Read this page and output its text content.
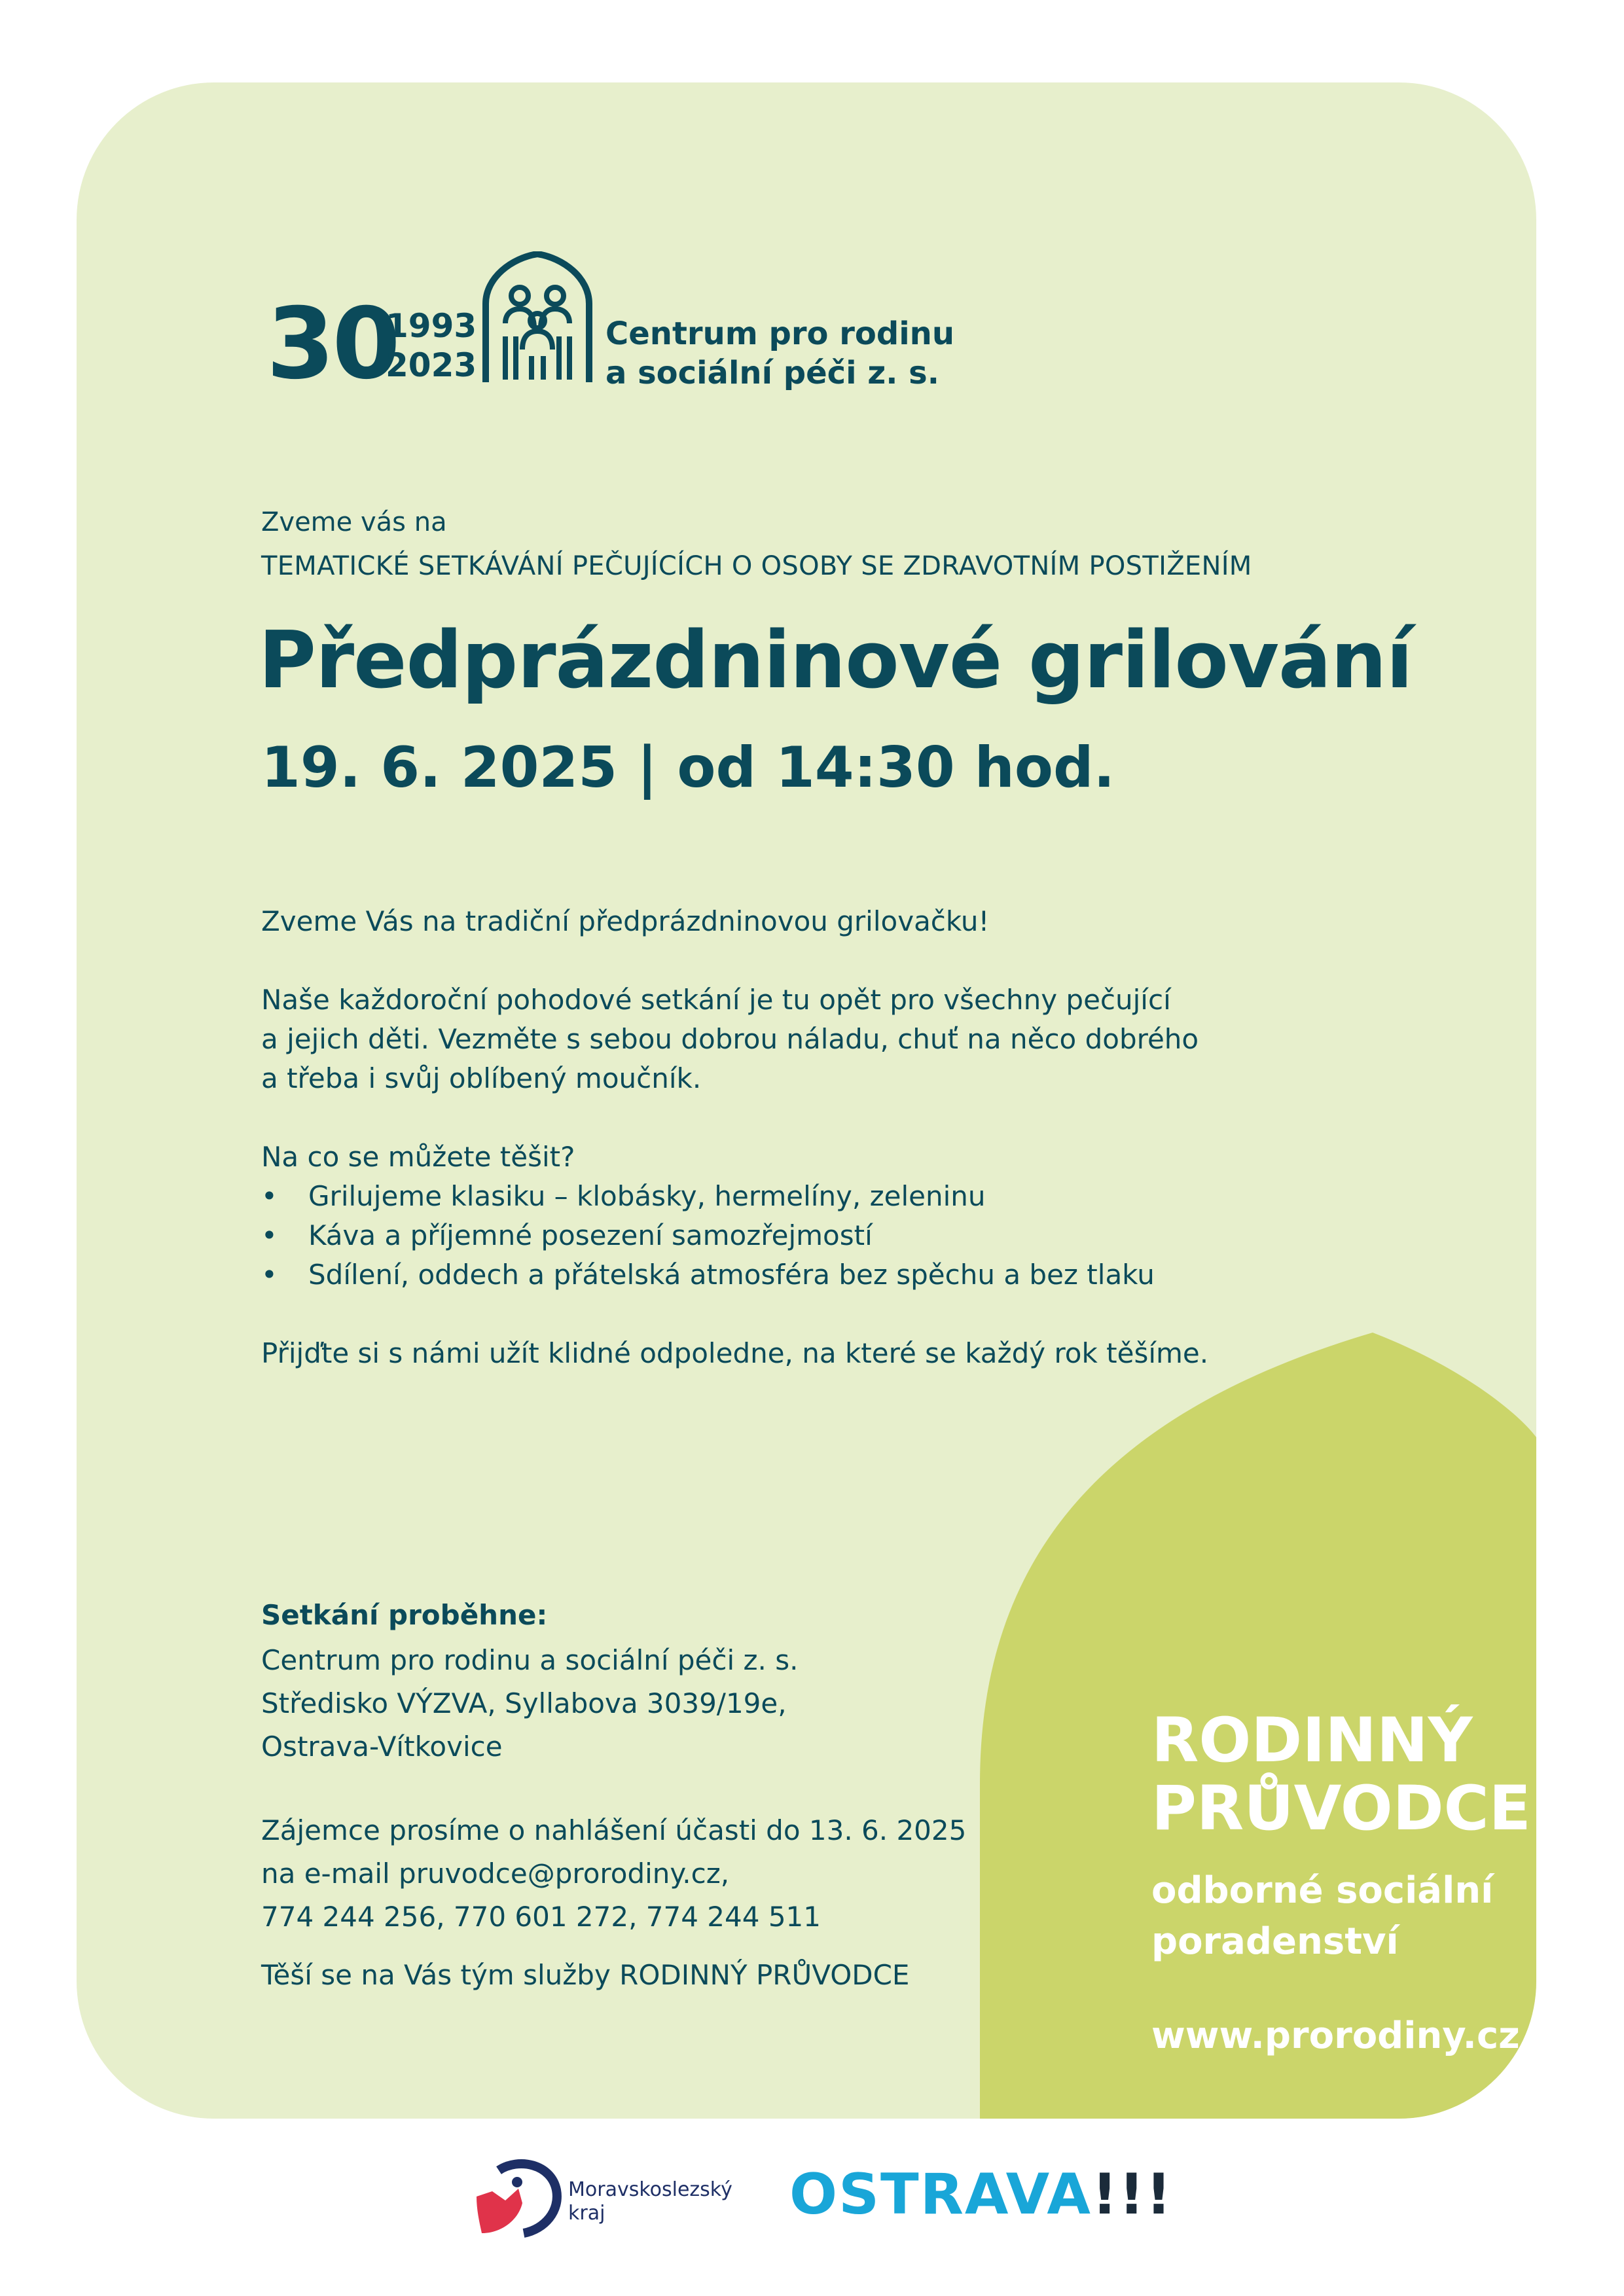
30
1993
2023
Centrum pro rodinu
a sociální péči z. s.
Zveme vás na
TEMATICKÉ SETKÁVÁNÍ PEČUJÍCÍCH O OSOBY SE ZDRAVOTNÍM POSTIŽENÍM
Předprázdninové grilování
19. 6. 2025 | od 14:30 hod.
Zveme Vás na tradiční předprázdninovou grilovačku!
Naše každoroční pohodové setkání je tu opět pro všechny pečující
a jejich děti. Vezměte s sebou dobrou náladu, chuť na něco dobrého
a třeba i svůj oblíbený moučník.
Na co se můžete těšit?
• Grilujeme klasiku – klobásky, hermelíny, zeleninu
• Káva a příjemné posezení samozřejmostí
• Sdílení, oddech a přátelská atmosféra bez spěchu a bez tlaku
Přijďte si s námi užít klidné odpoledne, na které se každý rok těšíme.
Setkání proběhne:
Centrum pro rodinu a sociální péči z. s.
Středisko VÝZVA, Syllabova 3039/19e,
Ostrava-Vítkovice
Zájemce prosíme o nahlášení účasti do 13. 6. 2025
na e-mail pruvodce@prorodiny.cz,
774 244 256, 770 601 272, 774 244 511
Těší se na Vás tým služby RODINNÝ PRŮVODCE
RODINNÝ
PRŮVODCE
odborné sociální
poradenství
www.prorodiny.cz
Moravskoslezský
kraj	OSTRAVA!!!
